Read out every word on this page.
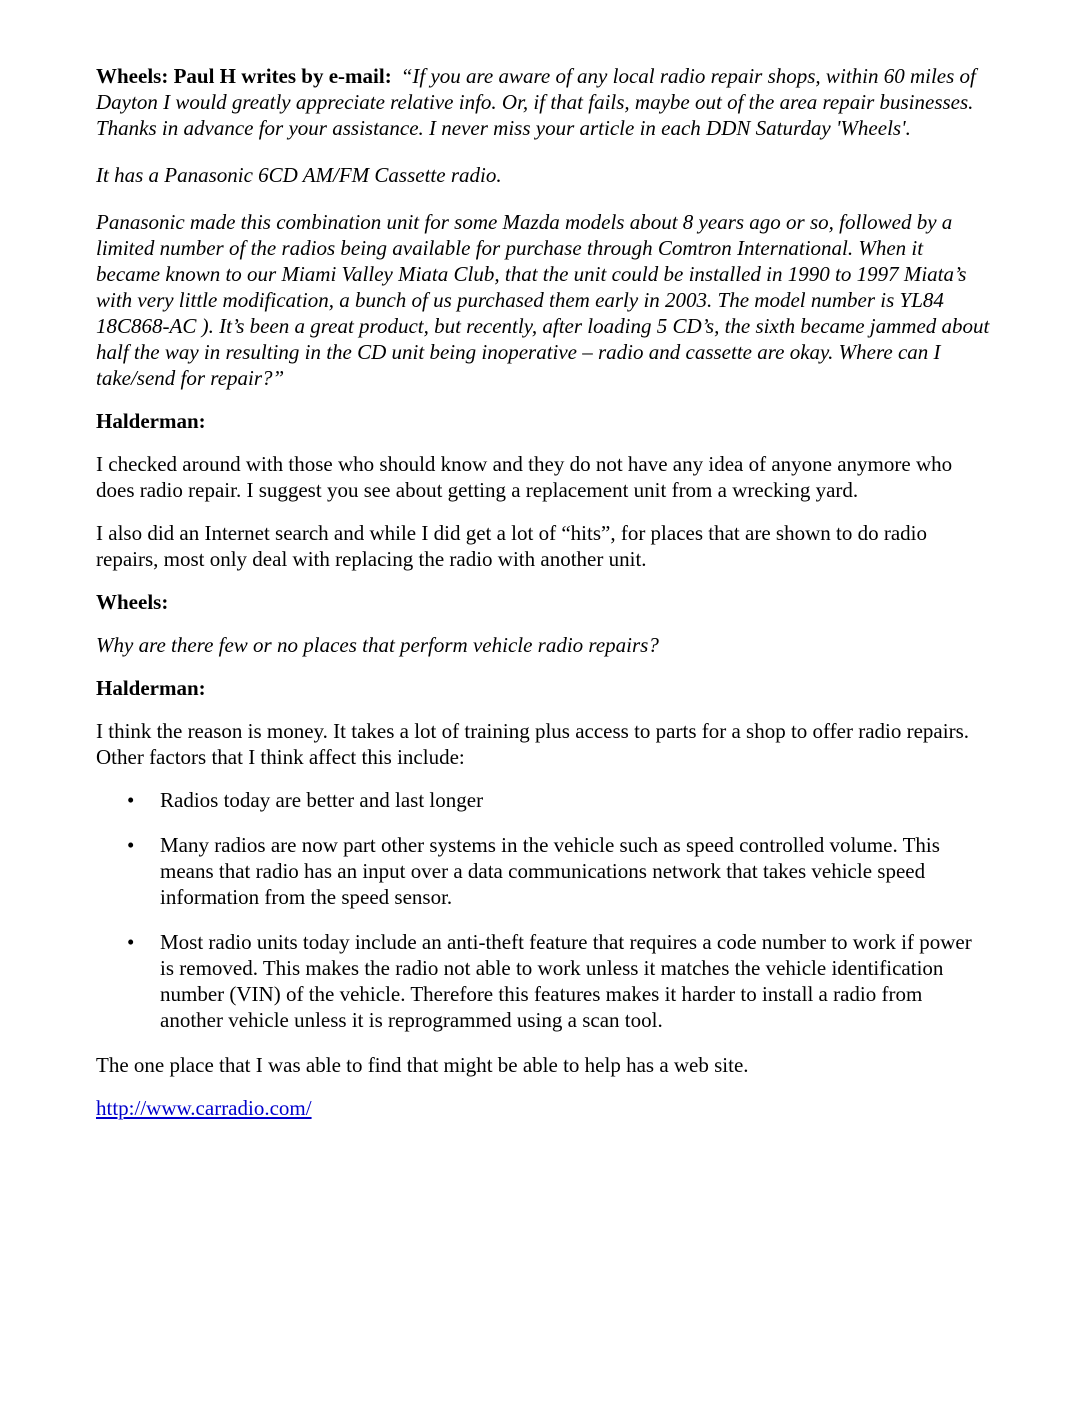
Wheels: Paul H writes by e-mail: “If you are aware of any local radio repair shops, within 60 miles of Dayton I would greatly appreciate relative info. Or, if that fails, maybe out of the area repair businesses. Thanks in advance for your assistance. I never miss your article in each DDN Saturday 'Wheels'.

It has a Panasonic 6CD AM/FM Cassette radio.

Panasonic made this combination unit for some Mazda models about 8 years ago or so, followed by a limited number of the radios being available for purchase through Comtron International. When it became known to our Miami Valley Miata Club, that the unit could be installed in 1990 to 1997 Miata’s with very little modification, a bunch of us purchased them early in 2003. The model number is YL84 18C868-AC ). It’s been a great product, but recently, after loading 5 CD’s, the sixth became jammed about half the way in resulting in the CD unit being inoperative – radio and cassette are okay. Where can I take/send for repair?”

Halderman:

I checked around with those who should know and they do not have any idea of anyone anymore who does radio repair. I suggest you see about getting a replacement unit from a wrecking yard.

I also did an Internet search and while I did get a lot of “hits”, for places that are shown to do radio repairs, most only deal with replacing the radio with another unit.

Wheels:

Why are there few or no places that perform vehicle radio repairs?

Halderman:

I think the reason is money. It takes a lot of training plus access to parts for a shop to offer radio repairs. Other factors that I think affect this include:

•
Radios today are better and last longer
•
Many radios are now part other systems in the vehicle such as speed controlled volume. This means that radio has an input over a data communications network that takes vehicle speed information from the speed sensor.
•
Most radio units today include an anti-theft feature that requires a code number to work if power is removed. This makes the radio not able to work unless it matches the vehicle identification number (VIN) of the vehicle. Therefore this features makes it harder to install a radio from another vehicle unless it is reprogrammed using a scan tool.

The one place that I was able to find that might be able to help has a web site.

http://www.carradio.com/
